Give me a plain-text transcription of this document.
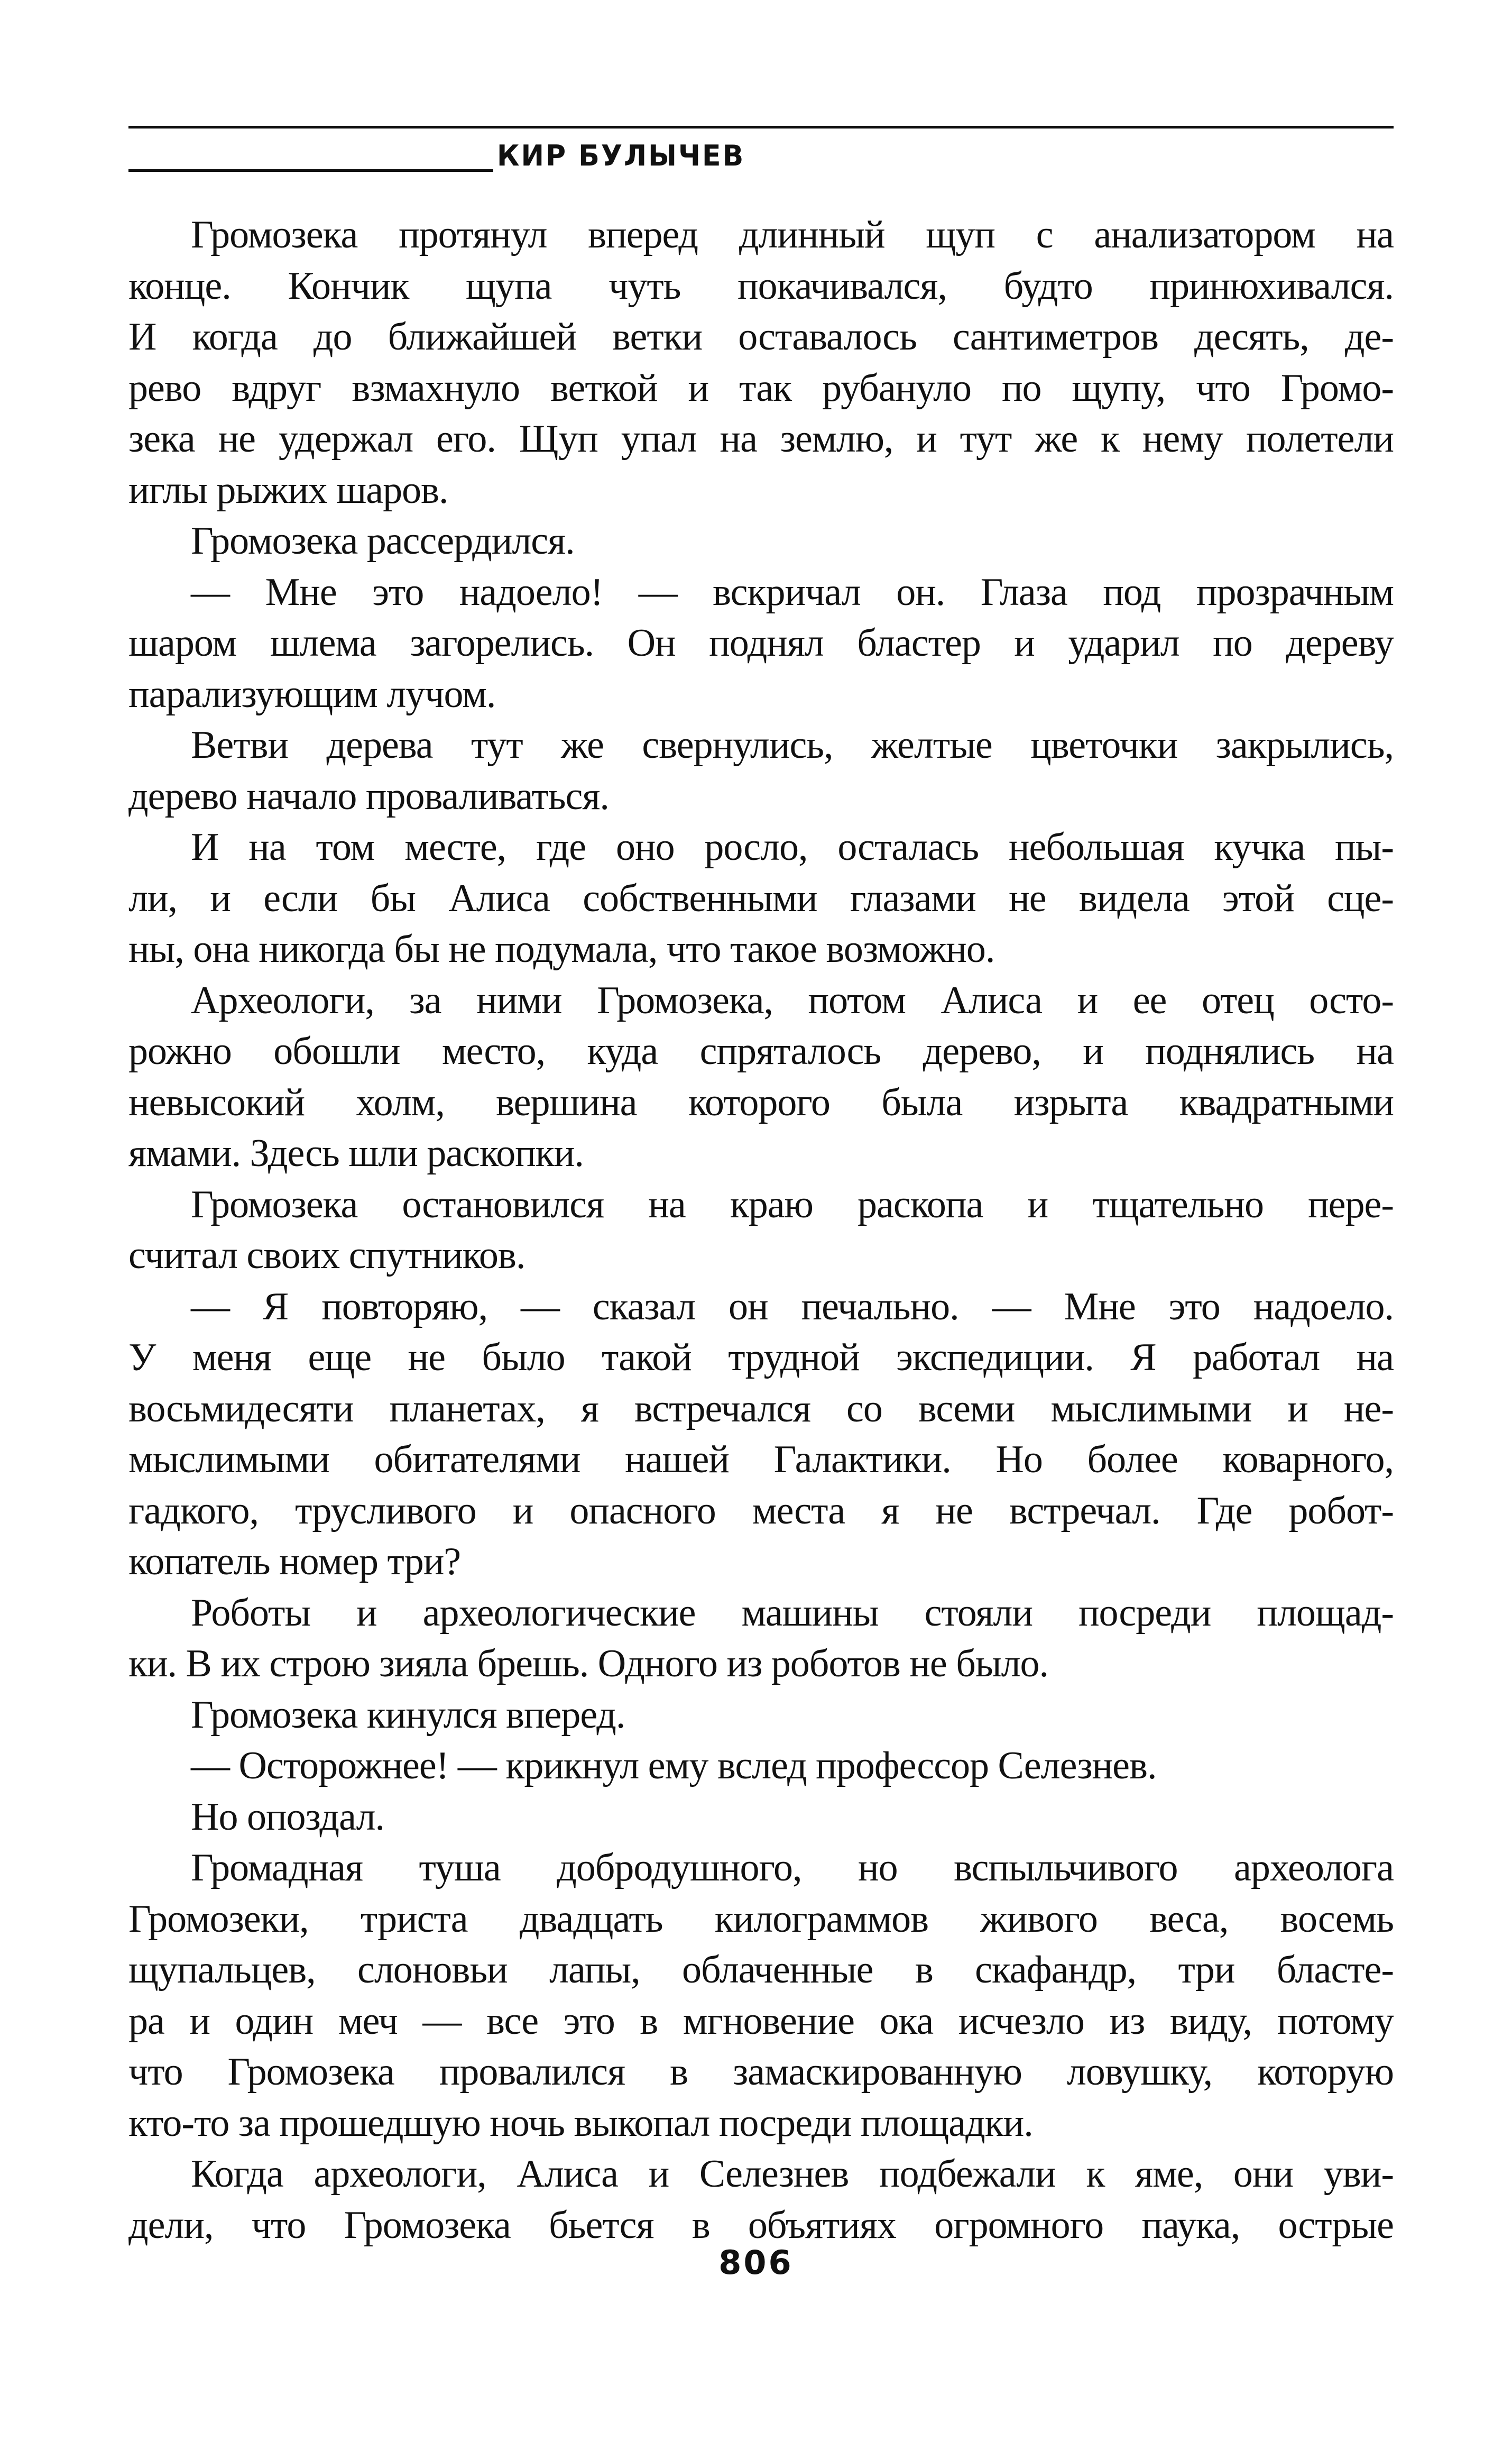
КИР БУЛЫЧЕВ
Громозека протянул вперед длинный щуп с анализатором на
конце. Кончик щупа чуть покачивался, будто принюхивался.
И когда до ближайшей ветки оставалось сантиметров десять, де-
рево вдруг взмахнуло веткой и так рубануло по щупу, что Громо-
зека не удержал его. Щуп упал на землю, и тут же к нему полетели
иглы рыжих шаров.
Громозека рассердился.
— Мне это надоело! — вскричал он. Глаза под прозрачным
шаром шлема загорелись. Он поднял бластер и ударил по дереву
парализующим лучом.
Ветви дерева тут же свернулись, желтые цветочки закрылись,
дерево начало проваливаться.
И на том месте, где оно росло, осталась небольшая кучка пы-
ли, и если бы Алиса собственными глазами не видела этой сце-
ны, она никогда бы не подумала, что такое возможно.
Археологи, за ними Громозека, потом Алиса и ее отец осто-
рожно обошли место, куда спряталось дерево, и поднялись на
невысокий холм, вершина которого была изрыта квадратными
ямами. Здесь шли раскопки.
Громозека остановился на краю раскопа и тщательно пере-
считал своих спутников.
— Я повторяю, — сказал он печально. — Мне это надоело.
У меня еще не было такой трудной экспедиции. Я работал на
восьмидесяти планетах, я встречался со всеми мыслимыми и не-
мыслимыми обитателями нашей Галактики. Но более коварного,
гадкого, трусливого и опасного места я не встречал. Где робот-
копатель номер три?
Роботы и археологические машины стояли посреди площад-
ки. В их строю зияла брешь. Одного из роботов не было.
Громозека кинулся вперед.
— Осторожнее! — крикнул ему вслед профессор Селезнев.
Но опоздал.
Громадная туша добродушного, но вспыльчивого археолога
Громозеки, триста двадцать килограммов живого веса, восемь
щупальцев, слоновьи лапы, облаченные в скафандр, три бласте-
ра и один меч — все это в мгновение ока исчезло из виду, потому
что Громозека провалился в замаскированную ловушку, которую
кто-то за прошедшую ночь выкопал посреди площадки.
Когда археологи, Алиса и Селезнев подбежали к яме, они уви-
дели, что Громозека бьется в объятиях огромного паука, острые
806
